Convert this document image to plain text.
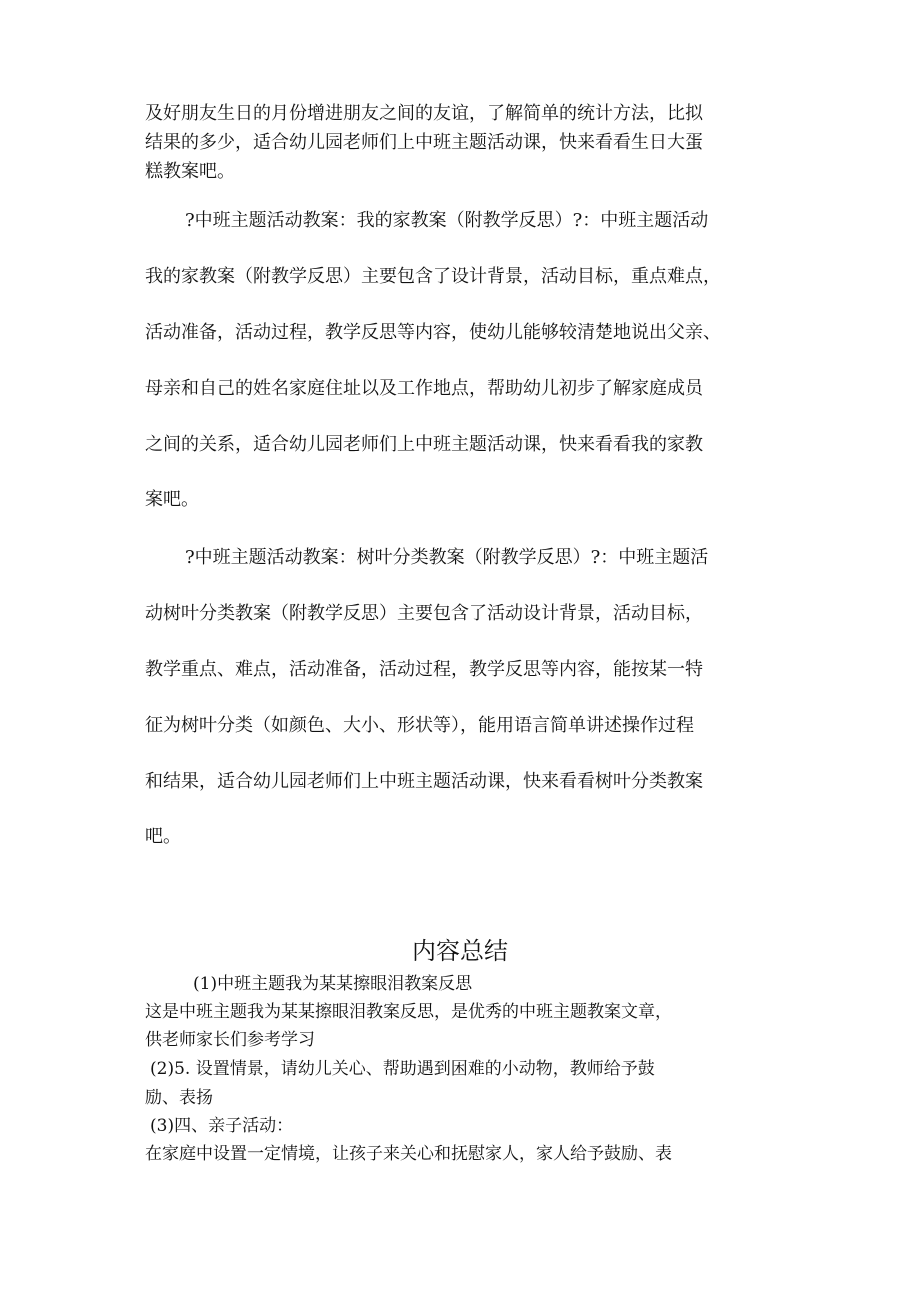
及好朋友生日的月份增进朋友之间的友谊，了解简单的统计方法，比拟
结果的多少，适合幼儿园老师们上中班主题活动课，快来看看生日大蛋
糕教案吧。
?中班主题活动教案：我的家教案（附教学反思）?：中班主题活动
我的家教案（附教学反思）主要包含了设计背景，活动目标，重点难点，
活动准备，活动过程，教学反思等内容，使幼儿能够较清楚地说出父亲、
母亲和自己的姓名家庭住址以及工作地点，帮助幼儿初步了解家庭成员
之间的关系，适合幼儿园老师们上中班主题活动课，快来看看我的家教
案吧。
?中班主题活动教案：树叶分类教案（附教学反思）?：中班主题活
动树叶分类教案（附教学反思）主要包含了活动设计背景，活动目标，
教学重点、难点，活动准备，活动过程，教学反思等内容，能按某一特
征为树叶分类（如颜色、大小、形状等），能用语言简单讲述操作过程
和结果，适合幼儿园老师们上中班主题活动课，快来看看树叶分类教案
吧。
内容总结
(1)中班主题我为某某擦眼泪教案反思
这是中班主题我为某某擦眼泪教案反思，是优秀的中班主题教案文章，
供老师家长们参考学习
(2)5. 设置情景，请幼儿关心、帮助遇到困难的小动物，教师给予鼓
励、表扬
(3)四、亲子活动：
在家庭中设置一定情境，让孩子来关心和抚慰家人，家人给予鼓励、表
